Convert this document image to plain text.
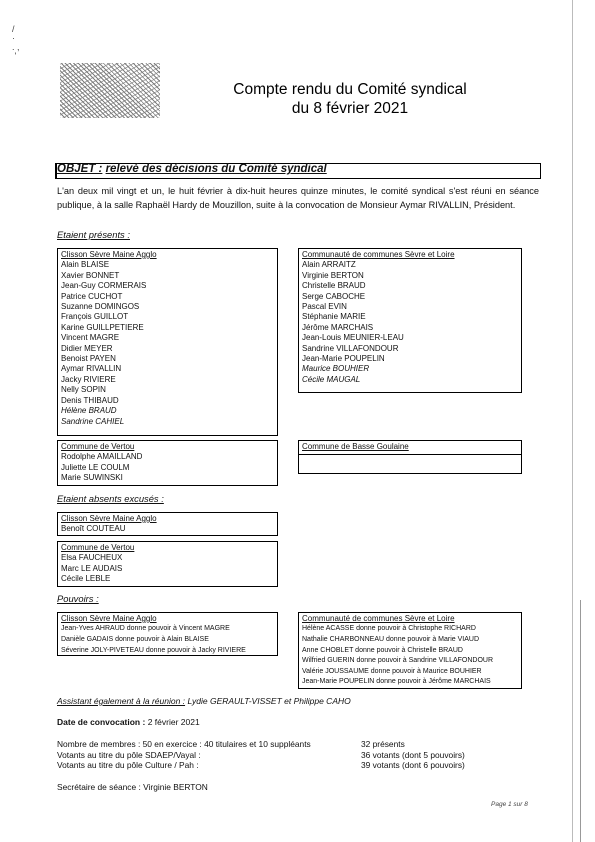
/
·
. ,
'
Compte rendu du Comité syndical
du 8 février 2021
OBJET : relevé des décisions du Comité syndical
L'an deux mil vingt et un, le huit février à dix-huit heures quinze minutes, le comité syndical s'est réuni en séance publique, à la salle Raphaël Hardy de Mouzillon, suite à la convocation de Monsieur Aymar RIVALLIN, Président.
Etaient présents :
Clisson Sèvre Maine Agglo
Alain BLAISE
Xavier BONNET
Jean-Guy CORMERAIS
Patrice CUCHOT
Suzanne DOMINGOS
François GUILLOT
Karine GUILLPETIERE
Vincent MAGRE
Didier MEYER
Benoist PAYEN
Aymar RIVALLIN
Jacky RIVIERE
Nelly SOPIN
Denis THIBAUD
Hélène BRAUD
Sandrine CAHIEL
Communauté de communes Sèvre et Loire
Alain ARRAITZ
Virginie BERTON
Christelle BRAUD
Serge CABOCHE
Pascal EVIN
Stéphanie MARIE
Jérôme MARCHAIS
Jean-Louis MEUNIER-LEAU
Sandrine VILLAFONDOUR
Jean-Marie POUPELIN
Maurice BOUHIER
Cécile MAUGAL
Commune de Vertou
Rodolphe AMAILLAND
Juliette LE COULM
Marie SUWINSKI
Commune de Basse Goulaine
Etaient absents excusés :
Clisson Sèvre Maine Agglo
Benoît COUTEAU
Commune de Vertou
Elsa FAUCHEUX
Marc LE AUDAIS
Cécile LEBLE
Pouvoirs :
Clisson Sèvre Maine Agglo
Jean-Yves AHRAUD donne pouvoir à Vincent MAGRE
Danièle GADAIS donne pouvoir à Alain BLAISE
Séverine JOLY-PIVETEAU donne pouvoir à Jacky RIVIERE
Communauté de communes Sèvre et Loire
Hélène ACASSE donne pouvoir à Christophe RICHARD
Nathalie CHARBONNEAU donne pouvoir à Marie VIAUD
Anne CHOBLET donne pouvoir à Christelle BRAUD
Wilfried GUERIN donne pouvoir à Sandrine VILLAFONDOUR
Valérie JOUSSAUME donne pouvoir à Maurice BOUHIER
Jean-Marie POUPELIN donne pouvoir à Jérôme MARCHAIS
Assistant également à la réunion : Lydie GERAULT-VISSET et Philippe CAHO
Date de convocation : 2 février 2021
Nombre de membres : 50 en exercice : 40 titulaires et 10 suppléants
Votants au titre du pôle SDAEP/Vayal :
Votants au titre du pôle Culture / Pah :
32 présents
36 votants (dont 5 pouvoirs)
39 votants (dont 6 pouvoirs)
Secrétaire de séance : Virginie BERTON
Page 1 sur 8
